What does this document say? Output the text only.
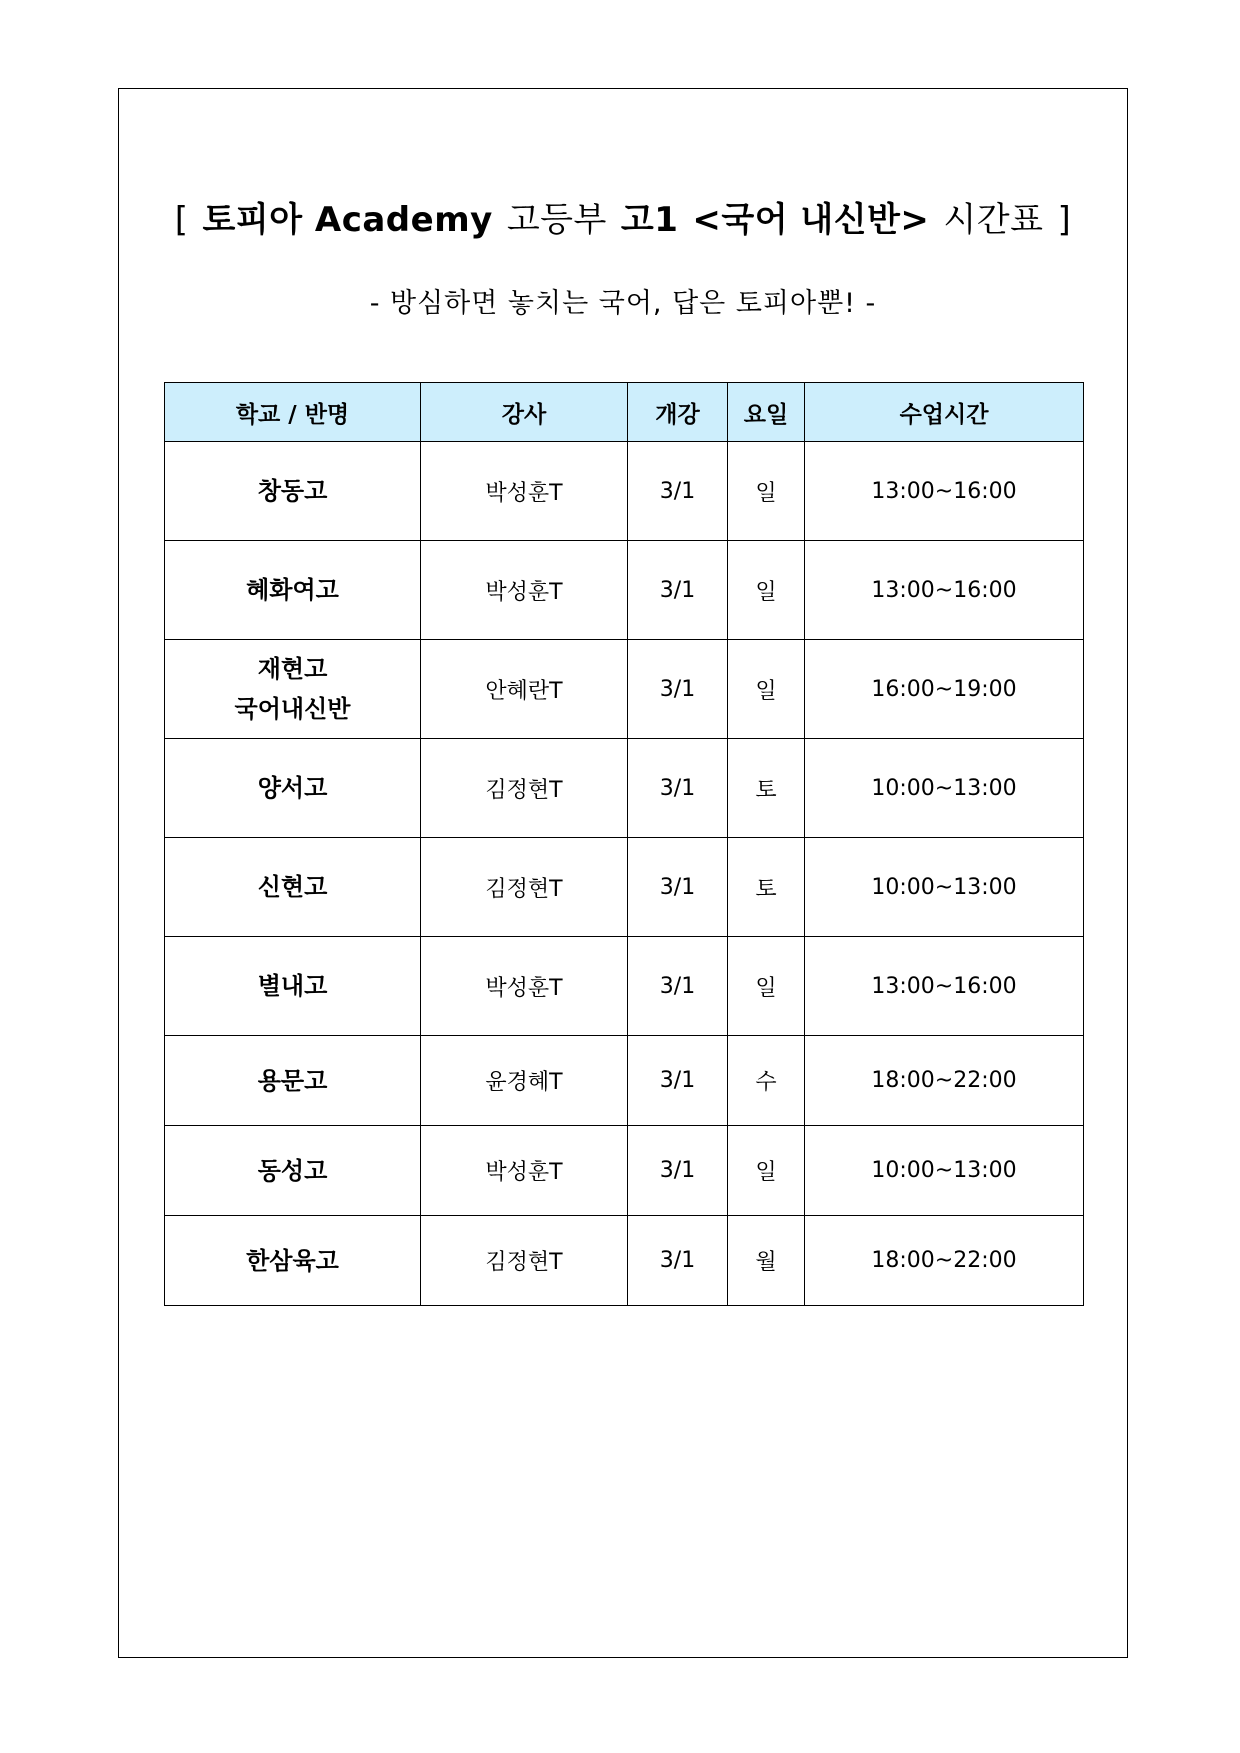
[ 토피아 Academy 고등부 고1 <국어 내신반> 시간표 ]
- 방심하면 놓치는 국어, 답은 토피아뿐! -
학교 / 반명	강사	개강	요일	수업시간

창동고	박성훈T	3/1	일	13:00~16:00

혜화여고	박성훈T	3/1	일	13:00~16:00

재현고
국어내신반	안혜란T	3/1	일	16:00~19:00

양서고	김정현T	3/1	토	10:00~13:00

신현고	김정현T	3/1	토	10:00~13:00

별내고	박성훈T	3/1	일	13:00~16:00

용문고	윤경혜T	3/1	수	18:00~22:00

동성고	박성훈T	3/1	일	10:00~13:00

한삼육고	김정현T	3/1	월	18:00~22:00
